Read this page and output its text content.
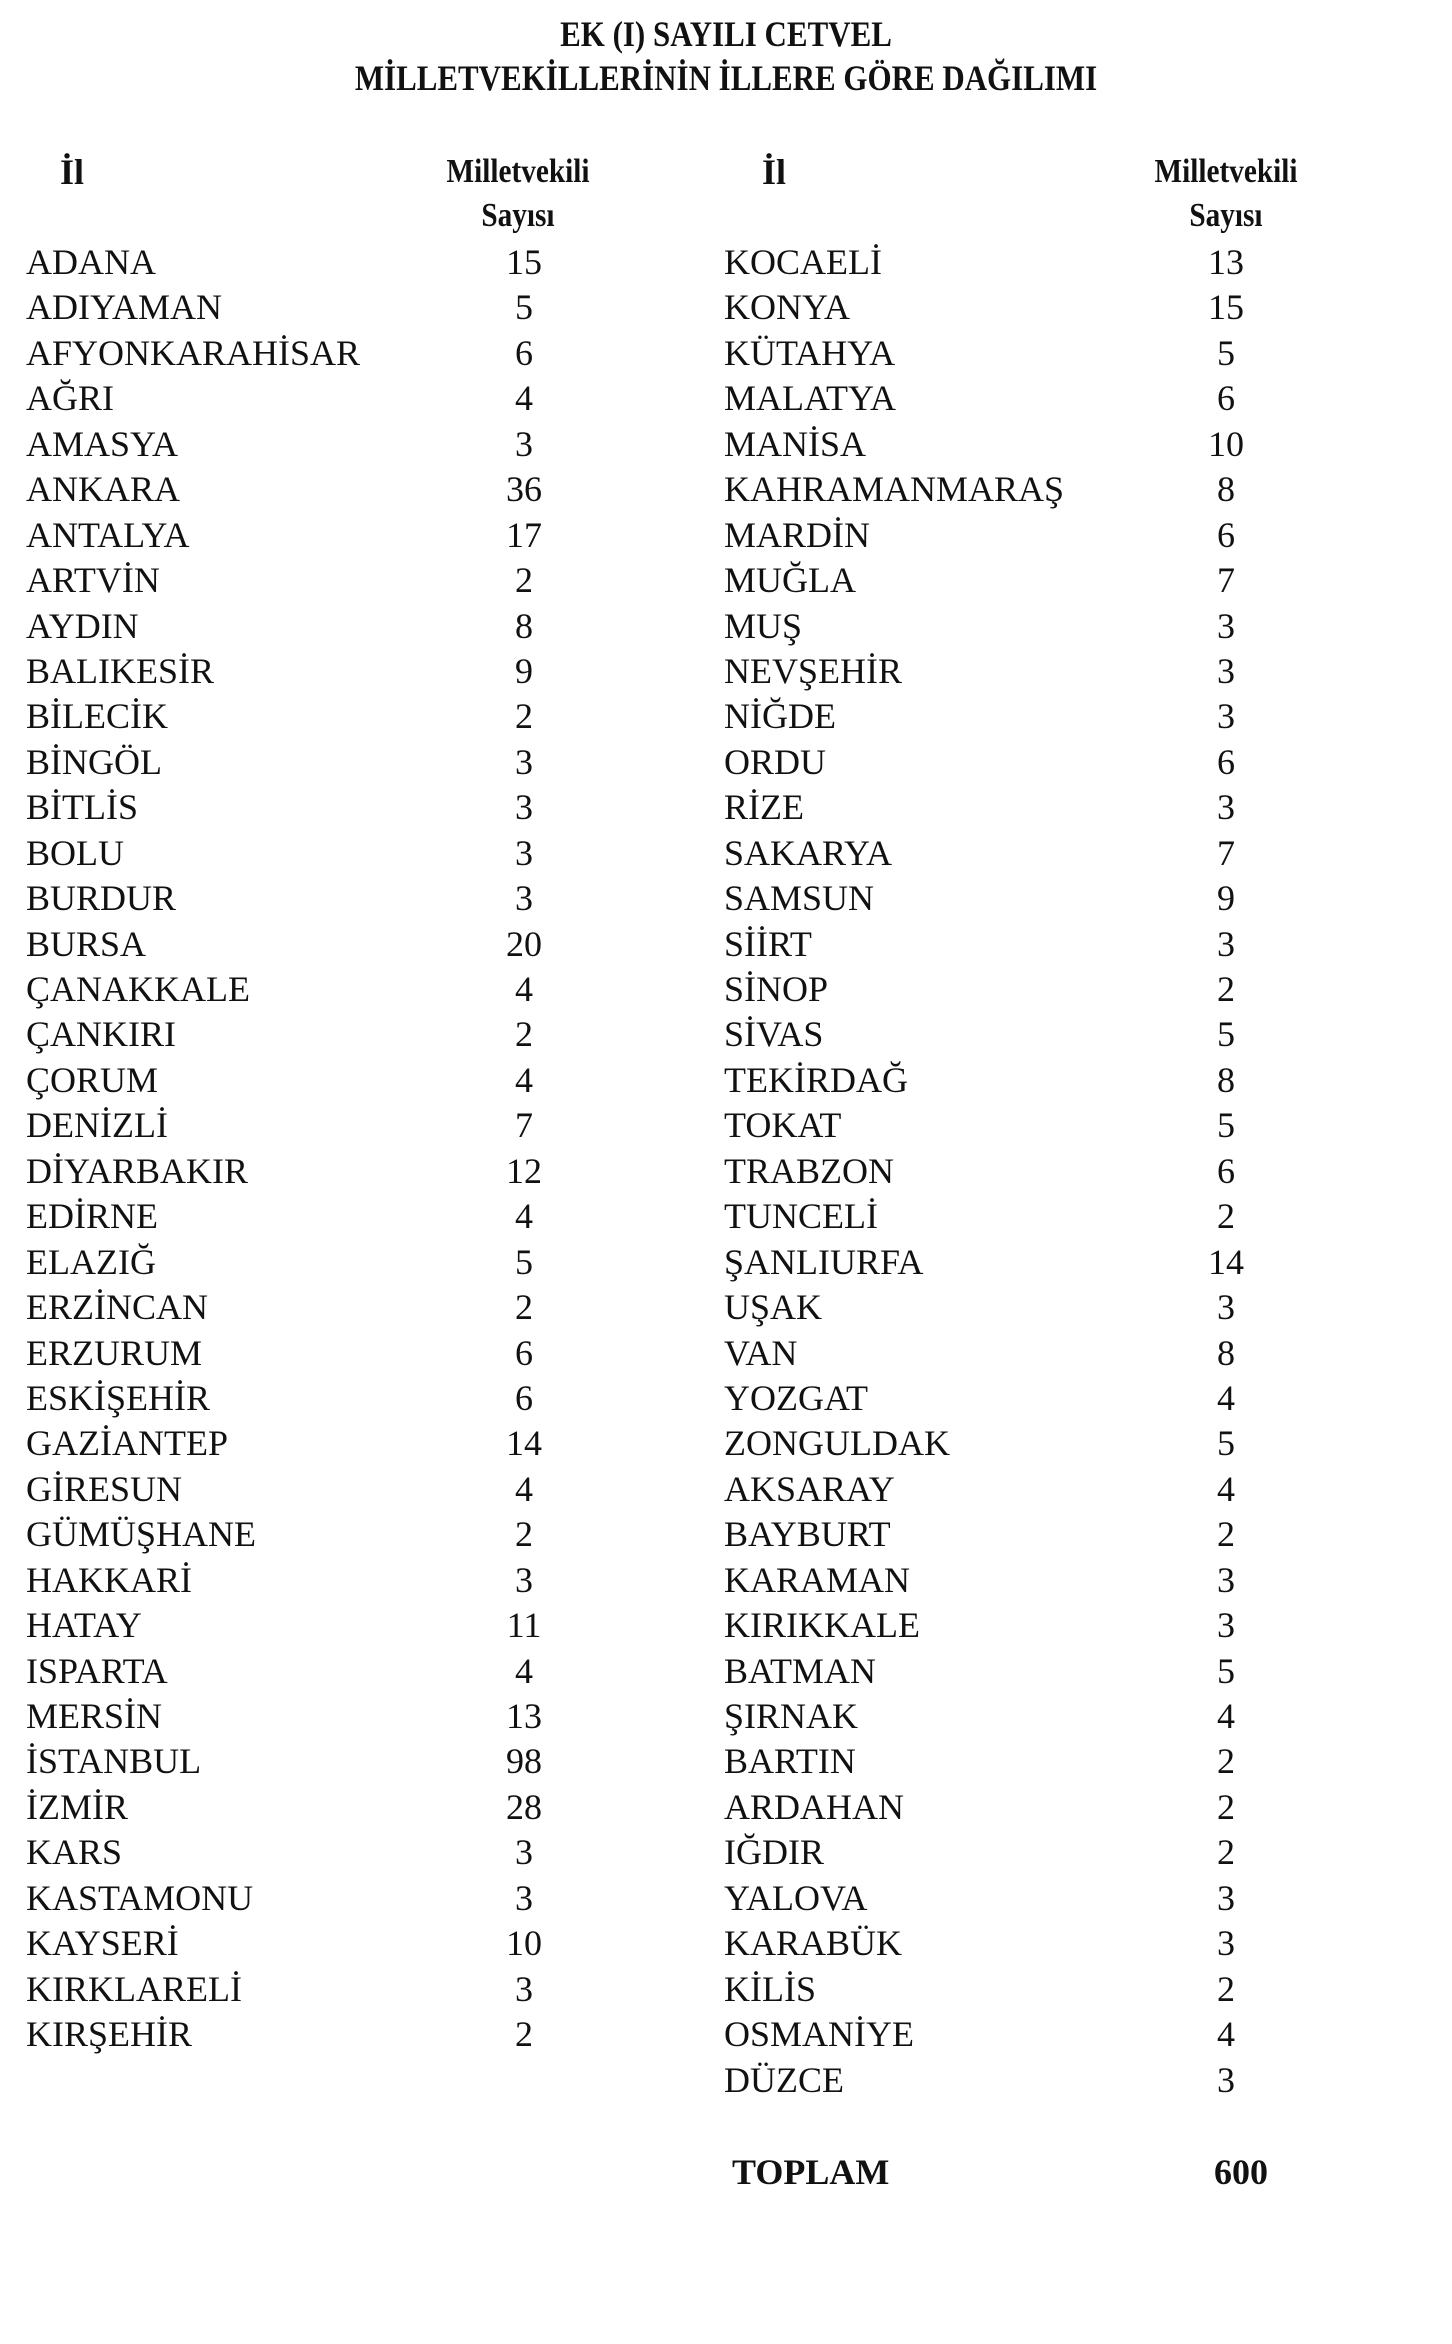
EK (I) SAYILI CETVEL
MİLLETVEKİLLERİNİN İLLERE GÖRE DAĞILIMI
İl	Milletvekili
Sayısı
İl	Milletvekili
Sayısı
ADANA	15
ADIYAMAN	5
AFYONKARAHİSAR	6
AĞRI	4
AMASYA	3
ANKARA	36
ANTALYA	17
ARTVİN	2
AYDIN	8
BALIKESİR	9
BİLECİK	2
BİNGÖL	3
BİTLİS	3
BOLU	3
BURDUR	3
BURSA	20
ÇANAKKALE	4
ÇANKIRI	2
ÇORUM	4
DENİZLİ	7
DİYARBAKIR	12
EDİRNE	4
ELAZIĞ	5
ERZİNCAN	2
ERZURUM	6
ESKİŞEHİR	6
GAZİANTEP	14
GİRESUN	4
GÜMÜŞHANE	2
HAKKARİ	3
HATAY	11
ISPARTA	4
MERSİN	13
İSTANBUL	98
İZMİR	28
KARS	3
KASTAMONU	3
KAYSERİ	10
KIRKLARELİ	3
KIRŞEHİR	2
KOCAELİ	13
KONYA	15
KÜTAHYA	5
MALATYA	6
MANİSA	10
KAHRAMANMARAŞ	8
MARDİN	6
MUĞLA	7
MUŞ	3
NEVŞEHİR	3
NİĞDE	3
ORDU	6
RİZE	3
SAKARYA	7
SAMSUN	9
SİİRT	3
SİNOP	2
SİVAS	5
TEKİRDAĞ	8
TOKAT	5
TRABZON	6
TUNCELİ	2
ŞANLIURFA	14
UŞAK	3
VAN	8
YOZGAT	4
ZONGULDAK	5
AKSARAY	4
BAYBURT	2
KARAMAN	3
KIRIKKALE	3
BATMAN	5
ŞIRNAK	4
BARTIN	2
ARDAHAN	2
IĞDIR	2
YALOVA	3
KARABÜK	3
KİLİS	2
OSMANİYE	4
DÜZCE	3
TOPLAM	600
